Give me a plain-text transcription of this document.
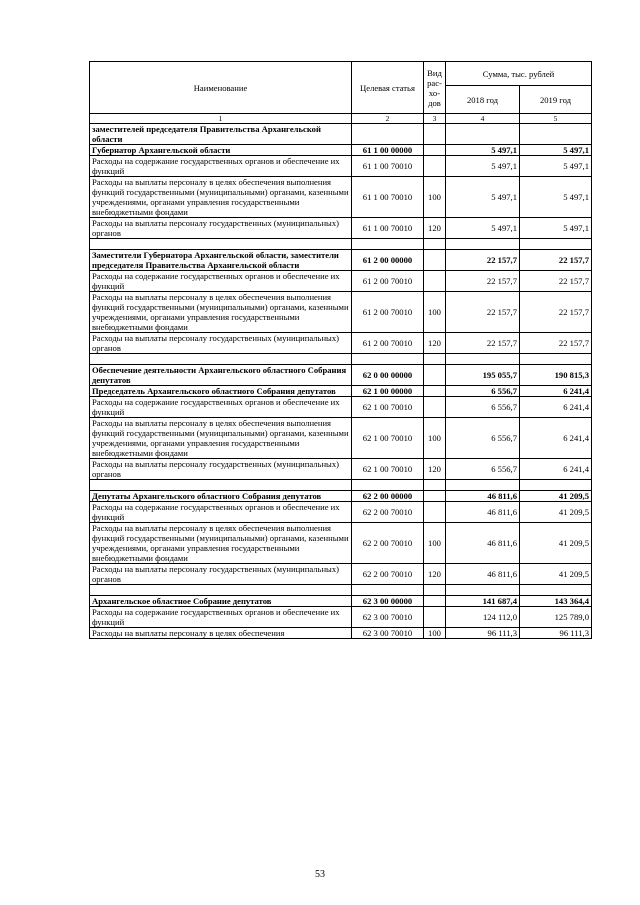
Наименование	Целевая статья	Вид рас-хо-дов	Сумма, тыс. рублей	
			2018 год	2019 год
1	2	3	4	5
заместителей председателя Правительства Архангельской области				
Губернатор Архангельской области	61 1 00 00000		5 497,1	5 497,1
Расходы на содержание государственных органов и обеспечение их функций	61 1 00 70010		5 497,1	5 497,1
Расходы на выплаты персоналу в целях обеспечения выполнения функций государственными (муниципальными) органами, казенными учреждениями, органами управления государственными внебюджетными фондами	61 1 00 70010	100	5 497,1	5 497,1
Расходы на выплаты персоналу государственных (муниципальных) органов	61 1 00 70010	120	5 497,1	5 497,1

Заместители Губернатора Архангельской области, заместители председателя Правительства Архангельской области	61 2 00 00000		22 157,7	22 157,7
Расходы на содержание государственных органов и обеспечение их функций	61 2 00 70010		22 157,7	22 157,7
Расходы на выплаты персоналу в целях обеспечения выполнения функций государственными (муниципальными) органами, казенными учреждениями, органами управления государственными внебюджетными фондами	61 2 00 70010	100	22 157,7	22 157,7
Расходы на выплаты персоналу государственных (муниципальных) органов	61 2 00 70010	120	22 157,7	22 157,7

Обеспечение деятельности Архангельского областного Собрания депутатов	62 0 00 00000		195 055,7	190 815,3
Председатель Архангельского областного Собрания депутатов	62 1 00 00000		6 556,7	6 241,4
Расходы на содержание государственных органов и обеспечение их функций	62 1 00 70010		6 556,7	6 241,4
Расходы на выплаты персоналу в целях обеспечения выполнения функций государственными (муниципальными) органами, казенными учреждениями, органами управления государственными внебюджетными фондами	62 1 00 70010	100	6 556,7	6 241,4
Расходы на выплаты персоналу государственных (муниципальных) органов	62 1 00 70010	120	6 556,7	6 241,4

Депутаты Архангельского областного Собрания депутатов	62 2 00 00000		46 811,6	41 209,5
Расходы на содержание государственных органов и обеспечение их функций	62 2 00 70010		46 811,6	41 209,5
Расходы на выплаты персоналу в целях обеспечения выполнения функций государственными (муниципальными) органами, казенными учреждениями, органами управления государственными внебюджетными фондами	62 2 00 70010	100	46 811,6	41 209,5
Расходы на выплаты персоналу государственных (муниципальных) органов	62 2 00 70010	120	46 811,6	41 209,5

Архангельское областное Собрание депутатов	62 3 00 00000		141 687,4	143 364,4
Расходы на содержание государственных органов и обеспечение их функций	62 3 00 70010		124 112,0	125 789,0
Расходы на выплаты персоналу в целях обеспечения	62 3 00 70010	100	96 111,3	96 111,3
53
